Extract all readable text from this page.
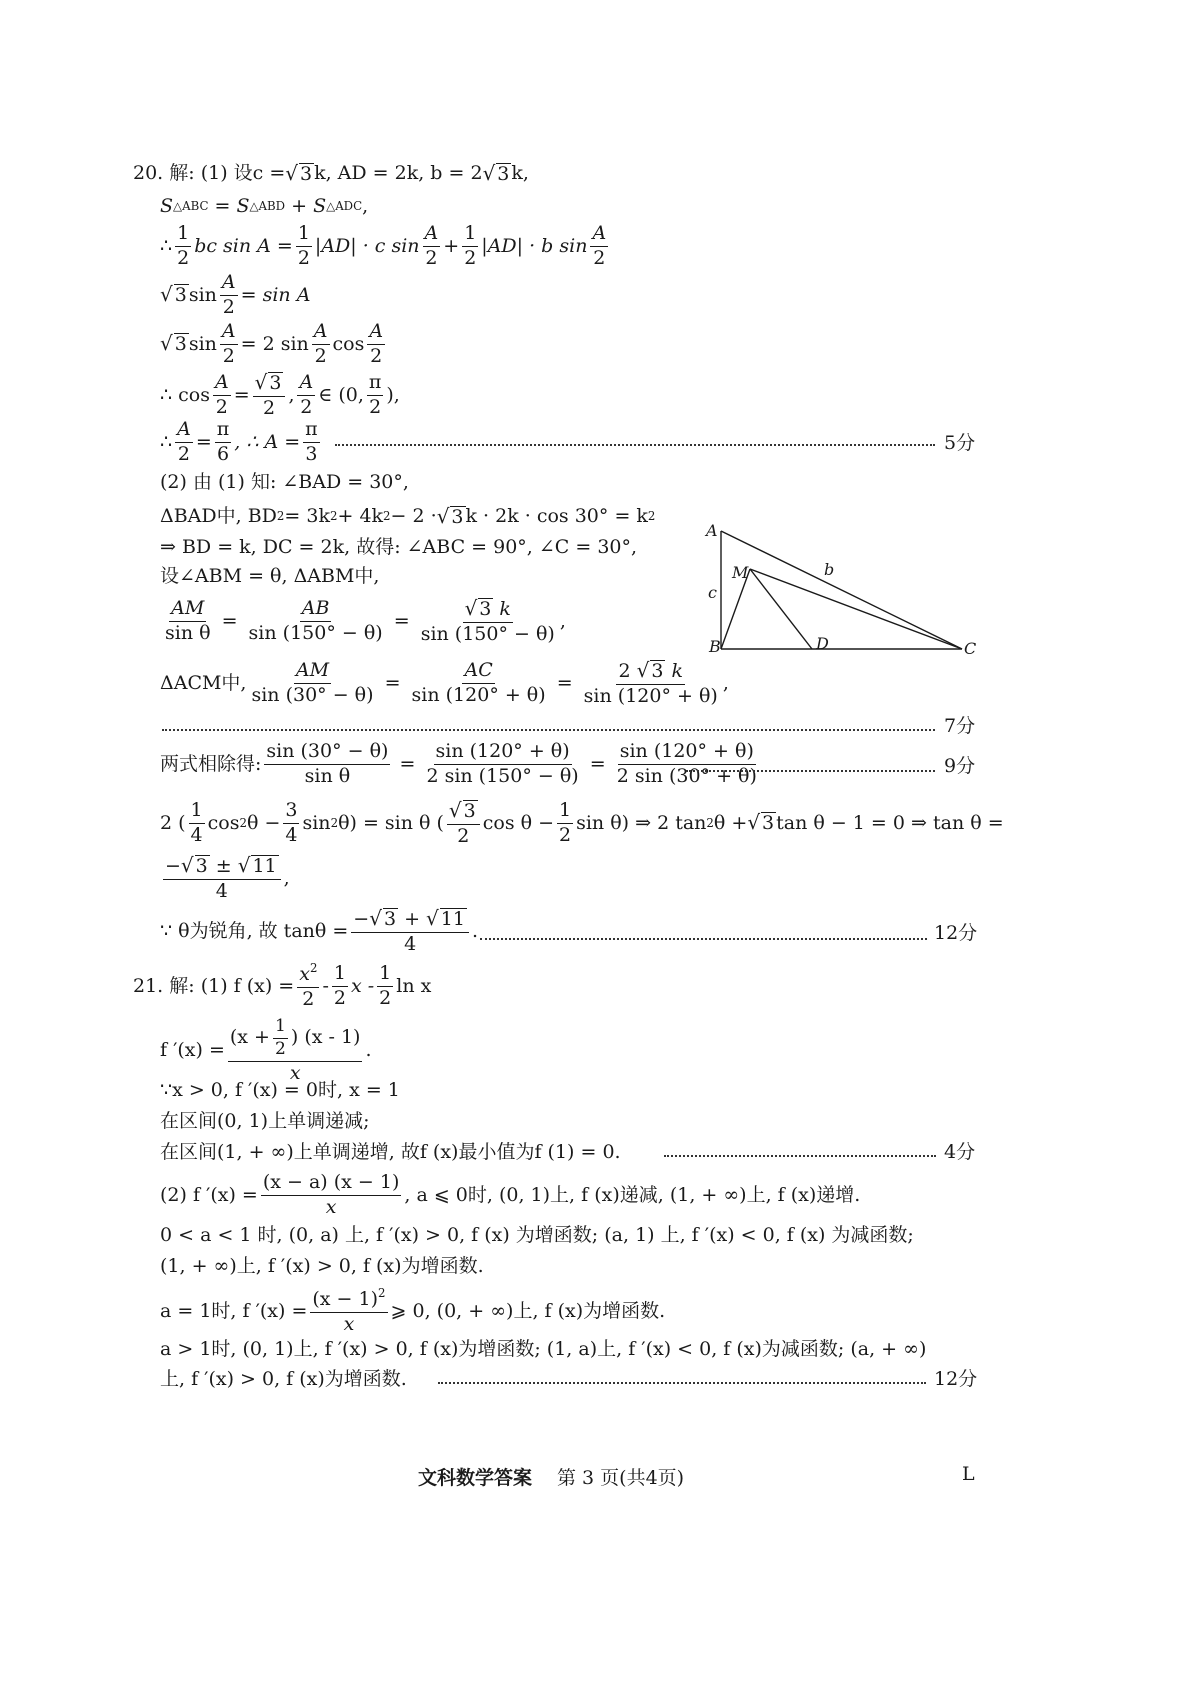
20. 解: (1) 设c = √ 3 k, AD = 2k, b = 2 √ 3 k,
S △ABC = S △ABD + S △ADC ,
∴ $\frac{1}{2}$ bc $\sin A = \frac{1}{2} |AD| \cdot c$ $\sin \frac{A}{2} + \frac{1}{2} |AD| \cdot b$ $\sin \frac{A}{2}$
√ 3 $\sin \frac{A}{2} = \sin A$
√ 3 $\sin \frac{A}{2} = 2$ $\sin \frac{A}{2}$ $\cos \frac{A}{2}$
∴ $\cos \frac{A}{2} = \frac{√ 3}{2}$ , $\frac{A}{2}$ ∈ (0, $\frac{\pi}{2}$ ),
∴ $\frac{A}{2} = \frac{\pi}{6}$ , ∴ $A = \frac{\pi}{3}$	5分
(2) 由 (1) 知: ∠BAD = 30°,
ΔBAD中, BD 2 = 3k 2 + 4k 2 − 2 · √ 3 k · 2k · cos 30° = k 2
⇒ BD = k, DC = 2k, 故得: ∠ABC = 90°, ∠C = 30°,
设∠ABM = θ, ΔABM中,
$\frac{AM}{\text{sin θ}} = \frac{AB}{\sin (150^\circ - \theta)} = \frac{√ 3 k}{\sin (150^\circ - \theta)}$ ,
ΔACM中, $\frac{AM}{\sin (30^\circ - \theta)} = \frac{AC}{\sin (120^\circ + \theta)} = \frac{2 √ 3 k}{\sin (120^\circ + \theta)}$ ,
7分
两式相除得: $\frac{\sin (30^\circ - \theta)}{\text{sin θ}} = \frac{\sin (120^\circ + \theta)}{2 \sin (150^\circ - \theta)} = \frac{\sin (120^\circ + \theta)}{2 \sin (30^\circ + \theta)}$	9分
2 ( $\frac{1}{4}$ cos 2 $\theta - \frac{3}{4}$ sin 2 θ) = sin θ ( $\frac{√ 3}{2}$ $\cos \theta - \frac{1}{2}$ sin θ) ⇒ 2 tan 2 θ + √ 3 tan θ − 1 = 0 ⇒ tan θ =
$\frac{-√ 3 \pm √ 11}{4}$ ,
∵ θ为锐角, 故 $\tan\theta = \frac{-√ 3 + √ 11}{4}$ .	12分
A
B	C
D
M	b
c
21. 解: (1) f $(x) = \frac{x^2}{2} - \frac{1}{2}$ x - $\frac{1}{2}$ ln x
f $'(x) = \frac{(x + \frac{1}{2} ) (x - 1)}{x}$ .
∵x > 0, f ′(x) = 0时, x = 1
在区间(0, 1)上单调递减;
在区间(1, + ∞)上单调递增, 故f (x)最小值为f (1) = 0.	4分
(2) f $'(x) = \frac{(x - a) (x - 1)}{x}$ , a ⩽ 0时, (0, 1)上, f (x)递减, (1, + ∞)上, f (x)递增.
0 < a < 1 时, (0, a) 上, f ′(x) > 0, f (x) 为增函数; (a, 1) 上, f ′(x) < 0, f (x) 为减函数;
(1, + ∞)上, f ′(x) > 0, f (x)为增函数.
a = 1时, f $'(x) = \frac{(x - 1)^2}{x}$ ⩾ 0, (0, + ∞)上, f (x)为增函数.
a > 1时, (0, 1)上, f ′(x) > 0, f (x)为增函数; (1, a)上, f ′(x) < 0, f (x)为减函数; (a, + ∞)
上, f ′(x) > 0, f (x)为增函数.	12分
文科数学答案 第 3 页(共4页)	L
